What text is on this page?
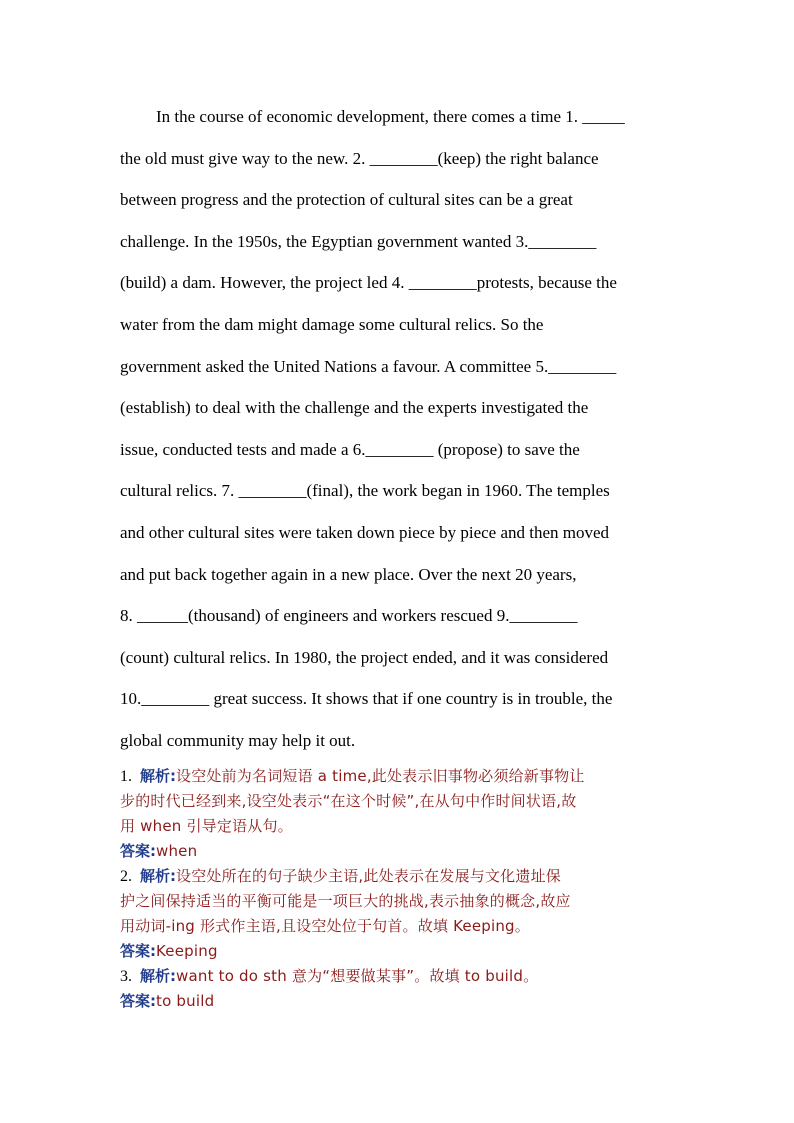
In the course of economic development, there comes a time 1. _____
the old must give way to the new. 2. ________(keep) the right balance
between progress and the protection of cultural sites can be a great
challenge. In the 1950s, the Egyptian government wanted 3.________
(build) a dam. However, the project led 4. ________protests, because the
water from the dam might damage some cultural relics. So the
government asked the United Nations a favour. A committee 5.________
(establish) to deal with the challenge and the experts investigated the
issue, conducted tests and made a 6.________ (propose) to save the
cultural relics. 7. ________(final), the work began in 1960. The temples
and other cultural sites were taken down piece by piece and then moved
and put back together again in a new place. Over the next 20 years,
8. ______(thousand) of engineers and workers rescued 9.________
(count) cultural relics. In 1980, the project ended, and it was considered
10.________ great success. It shows that if one country is in trouble, the
global community may help it out.
1. 解析:设空处前为名词短语 a time,此处表示旧事物必须给新事物让
步的时代已经到来,设空处表示“在这个时候”,在从句中作时间状语,故
用 when 引导定语从句。
答案:when
2. 解析:设空处所在的句子缺少主语,此处表示在发展与文化遗址保
护之间保持适当的平衡可能是一项巨大的挑战,表示抽象的概念,故应
用动词-ing 形式作主语,且设空处位于句首。故填 Keeping。
答案:Keeping
3. 解析:want to do sth 意为“想要做某事”。故填 to build。
答案:to build
